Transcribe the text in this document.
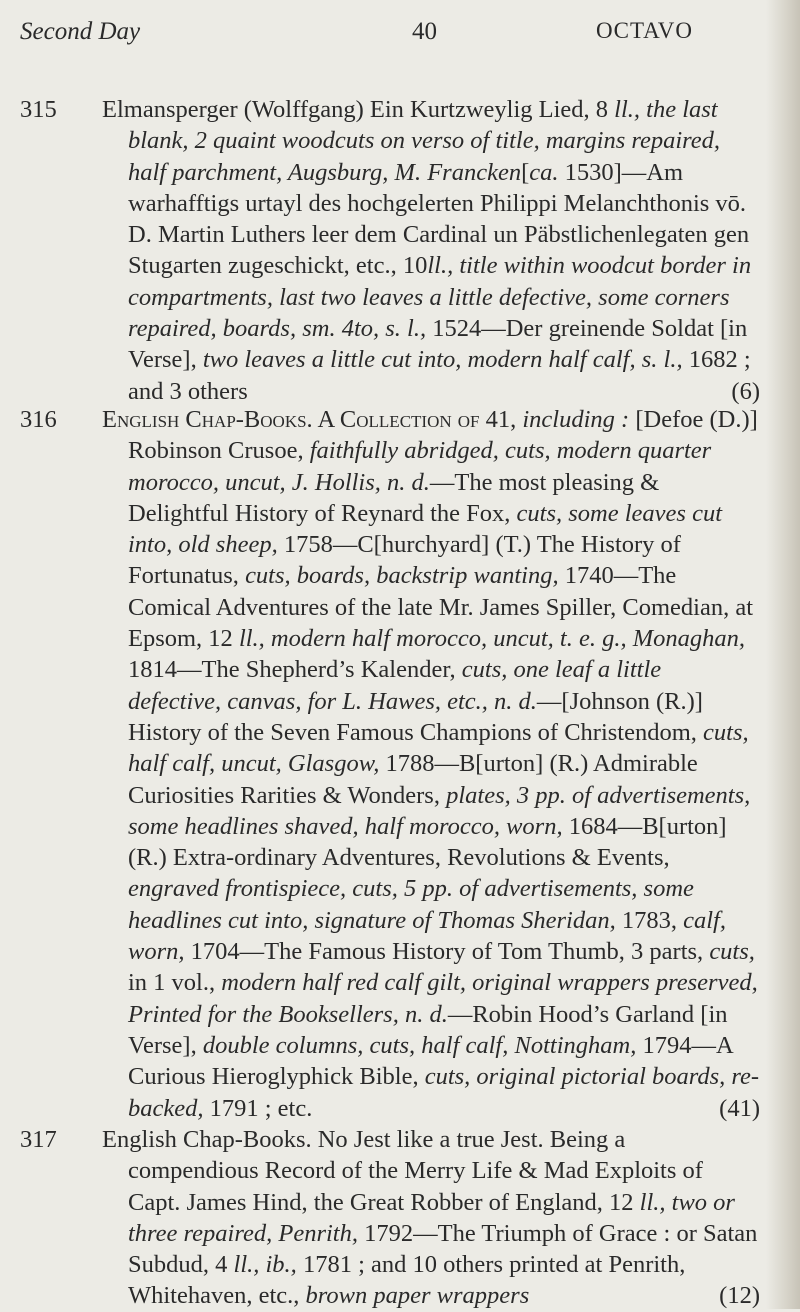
Second Day	40	OCTAVO
315	Elmansperger (Wolffgang) Ein Kurtzweylig Lied, 8 ll., the last blank, 2 quaint woodcuts on verso of title, margins repaired, half parchment, Augsburg, M. Francken[ca. 1530]—Am warhafftigs urtayl des hochgelerten Philippi Melanchthonis vō. D. Martin Luthers leer dem Cardinal un Päbstlichenlegaten gen Stugarten zugeschickt, etc., 10ll., title within woodcut border in compartments, last two leaves a little defective, some corners repaired, boards, sm. 4to, s. l., 1524—Der greinende Soldat [in Verse], two leaves a little cut into, modern half calf, s. l., 1682 ; and 3 others	(6)
316	English Chap-Books. A Collection of 41, including : [Defoe (D.)] Robinson Crusoe, faithfully abridged, cuts, modern quarter morocco, uncut, J. Hollis, n. d.—The most pleasing & Delightful History of Reynard the Fox, cuts, some leaves cut into, old sheep, 1758—C[hurchyard] (T.) The History of Fortunatus, cuts, boards, backstrip wanting, 1740—The Comical Adventures of the late Mr. James Spiller, Comedian, at Epsom, 12 ll., modern half morocco, uncut, t. e. g., Monaghan, 1814—The Shepherd’s Kalender, cuts, one leaf a little defective, canvas, for L. Hawes, etc., n. d.—[Johnson (R.)] History of the Seven Famous Champions of Christendom, cuts, half calf, uncut, Glasgow, 1788—B[urton] (R.) Admirable Curiosities Rarities & Wonders, plates, 3 pp. of advertisements, some headlines shaved, half morocco, worn, 1684—B[urton] (R.) Extra-ordinary Adventures, Revolutions & Events, engraved frontispiece, cuts, 5 pp. of advertisements, some headlines cut into, signature of Thomas Sheridan, 1783, calf, worn, 1704—The Famous History of Tom Thumb, 3 parts, cuts, in 1 vol., modern half red calf gilt, original wrappers preserved, Printed for the Booksellers, n. d.—Robin Hood’s Garland [in Verse], double columns, cuts, half calf, Nottingham, 1794—A Curious Hieroglyphick Bible, cuts, original pictorial boards, re-backed, 1791 ; etc.	(41)
317	English Chap-Books. No Jest like a true Jest. Being a compendious Record of the Merry Life & Mad Exploits of Capt. James Hind, the Great Robber of England, 12 ll., two or three repaired, Penrith, 1792—The Triumph of Grace : or Satan Subdud, 4 ll., ib., 1781 ; and 10 others printed at Penrith, Whitehaven, etc., brown paper wrappers	(12)
